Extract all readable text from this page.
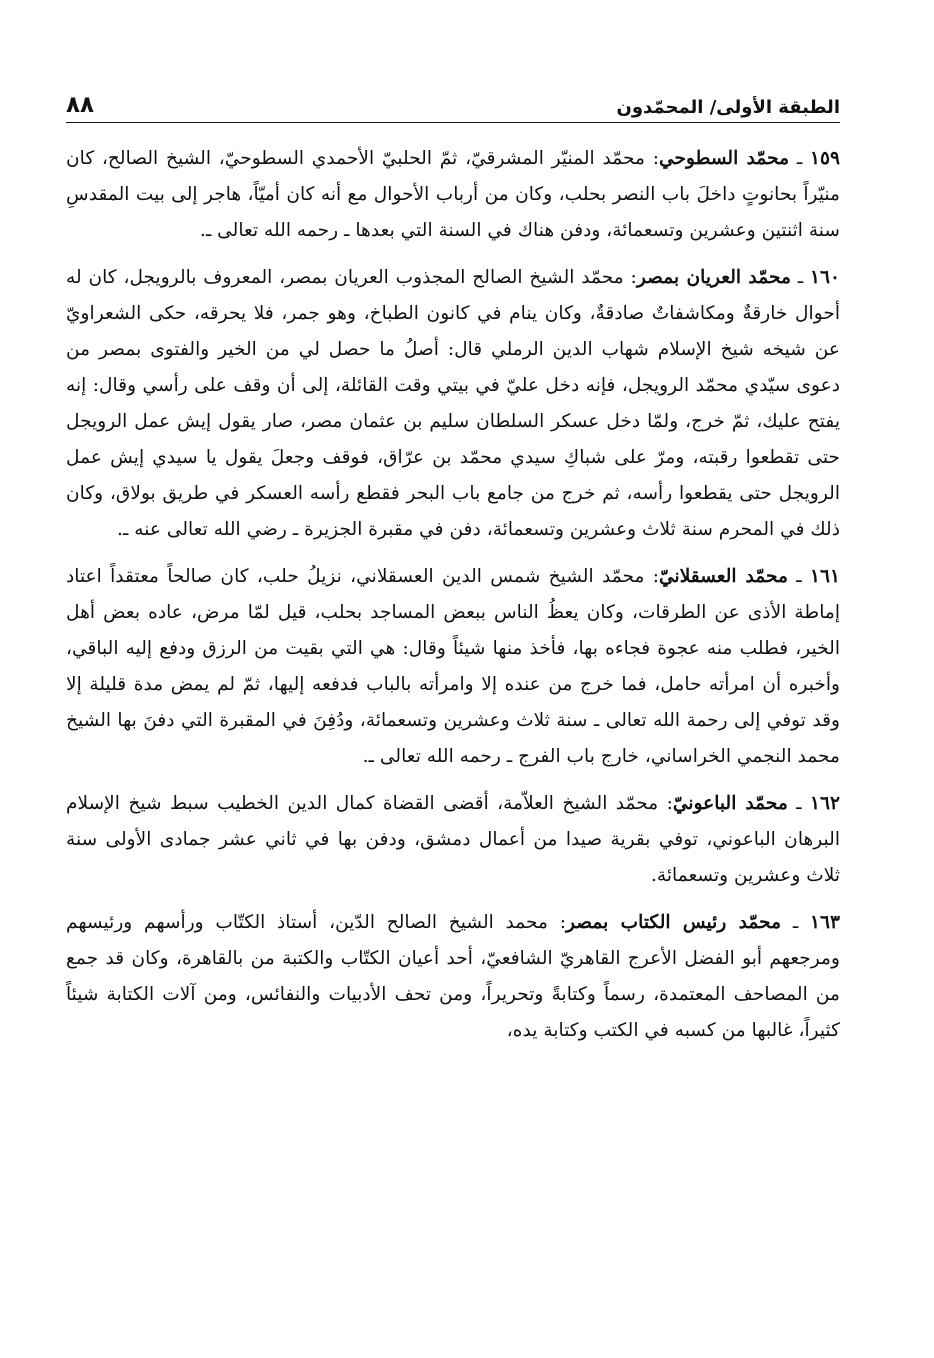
الطبقة الأولى/ المحمّدون
٨٨

١٥٩ ـ محمّد السطوحي: محمّد المنيّر المشرقيّ، ثمّ الحلبيّ الأحمدي السطوحيّ، الشيخ الصالح، كان منيّراً بحانوتٍ داخلَ باب النصر بحلب، وكان من أرباب الأحوال مع أنه كان أميّاً، هاجر إلى بيت المقدسِ سنة اثنتين وعشرين وتسعمائة، ودفن هناك في السنة التي بعدها ـ رحمه الله تعالى ـ.

١٦٠ ـ محمّد العريان بمصر: محمّد الشيخ الصالح المجذوب العريان بمصر، المعروف بالرويجل، كان له أحوال خارقةٌ ومكاشفاتٌ صادقةٌ، وكان ينام في كانون الطباخ، وهو جمر، فلا يحرقه، حكى الشعراويّ عن شيخه شيخ الإسلام شهاب الدين الرملي قال: أصلُ ما حصل لي من الخير والفتوى بمصر من دعوى سيّدي محمّد الرويجل، فإنه دخل عليّ في بيتي وقت القائلة، إلى أن وقف على رأسي وقال: إنه يفتح عليك، ثمّ خرج، ولمّا دخل عسكر السلطان سليم بن عثمان مصر، صار يقول إيش عمل الرويجل حتى تقطعوا رقبته، ومرّ على شباكِ سيدي محمّد بن عرّاق، فوقف وجعلَ يقول يا سيدي إيش عمل الرويجل حتى يقطعوا رأسه، ثم خرج من جامع باب البحر فقطع رأسه العسكر في طريق بولاق، وكان ذلك في المحرم سنة ثلاث وعشرين وتسعمائة، دفن في مقبرة الجزيرة ـ رضي الله تعالى عنه ـ.

١٦١ ـ محمّد العسقلانيّ: محمّد الشيخ شمس الدين العسقلاني، نزيلُ حلب، كان صالحاً معتقداً اعتاد إماطة الأذى عن الطرقات، وكان يعظُ الناس ببعض المساجد بحلب، قيل لمّا مرض، عاده بعض أهل الخير، فطلب منه عجوة فجاءه بها، فأخذ منها شيئاً وقال: هي التي بقيت من الرزق ودفع إليه الباقي، وأخبره أن امرأته حامل، فما خرج من عنده إلا وامرأته بالباب فدفعه إليها، ثمّ لم يمض مدة قليلة إلا وقد توفي إلى رحمة الله تعالى ـ سنة ثلاث وعشرين وتسعمائة، ودُفِنَ في المقبرة التي دفنَ بها الشيخ محمد النجمي الخراساني، خارج باب الفرج ـ رحمه الله تعالى ـ.

١٦٢ ـ محمّد الباعونيّ: محمّد الشيخ العلاّمة، أقضى القضاة كمال الدين الخطيب سبط شيخ الإسلام البرهان الباعوني، توفي بقرية صيدا من أعمال دمشق، ودفن بها في ثاني عشر جمادى الأولى سنة ثلاث وعشرين وتسعمائة.

١٦٣ ـ محمّد رئيس الكتاب بمصر: محمد الشيخ الصالح الدّين، أستاذ الكتّاب ورأسهم ورئيسهم ومرجعهم أبو الفضل الأعرج القاهريّ الشافعيّ، أحد أعيان الكتّاب والكتبة من بالقاهرة، وكان قد جمع من المصاحف المعتمدة، رسماً وكتابةً وتحريراً، ومن تحف الأدبيات والنفائس، ومن آلات الكتابة شيئاً كثيراً، غالبها من كسبه في الكتب وكتابة يده،
